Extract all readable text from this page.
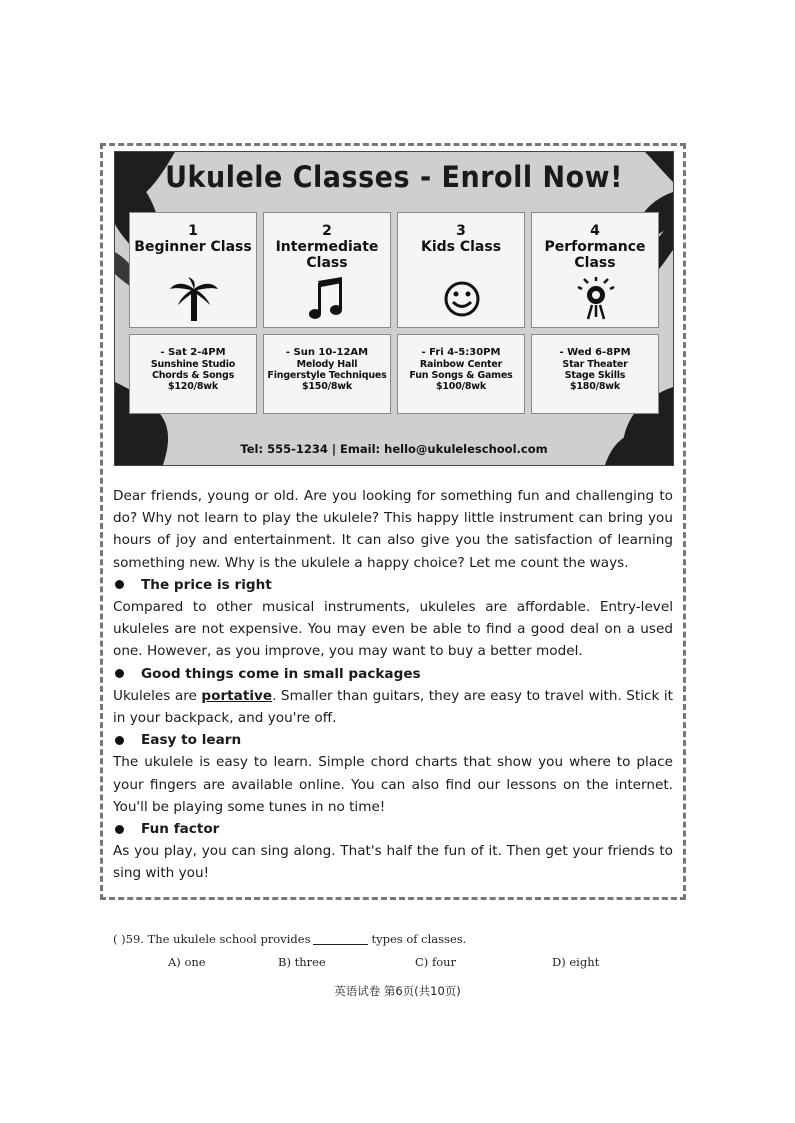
Ukulele Classes - Enroll Now!
1
Beginner Class
- Sat 2-4PM
Sunshine Studio
Chords & Songs
$120/8wk
2
Intermediate Class
- Sun 10-12AM
Melody Hall
Fingerstyle Techniques
$150/8wk
3
Kids Class
- Fri 4-5:30PM
Rainbow Center
Fun Songs & Games
$100/8wk
4
Performance Class
- Wed 6-8PM
Star Theater
Stage Skills
$180/8wk
Tel: 555-1234 | Email: hello@ukuleleschool.com

Dear friends, young or old. Are you looking for something fun and challenging to do? Why not learn to play the ukulele? This happy little instrument can bring you hours of joy and entertainment. It can also give you the satisfaction of learning something new. Why is the ukulele a happy choice? Let me count the ways.

The price is right

Compared to other musical instruments, ukuleles are affordable. Entry-level ukuleles are not expensive. You may even be able to find a good deal on a used one. However, as you improve, you may want to buy a better model.

Good things come in small packages

Ukuleles are portative. Smaller than guitars, they are easy to travel with. Stick it in your backpack, and you're off.

Easy to learn

The ukulele is easy to learn. Simple chord charts that show you where to place your fingers are available online. You can also find our lessons on the internet. You'll be playing some tunes in no time!

Fun factor

As you play, you can sing along. That's half the fun of it. Then get your friends to sing with you!

( )59. The ukulele school provides	types of classes.
A) one	B) three	C) four	D) eight
英语试卷 第6页(共10页)
